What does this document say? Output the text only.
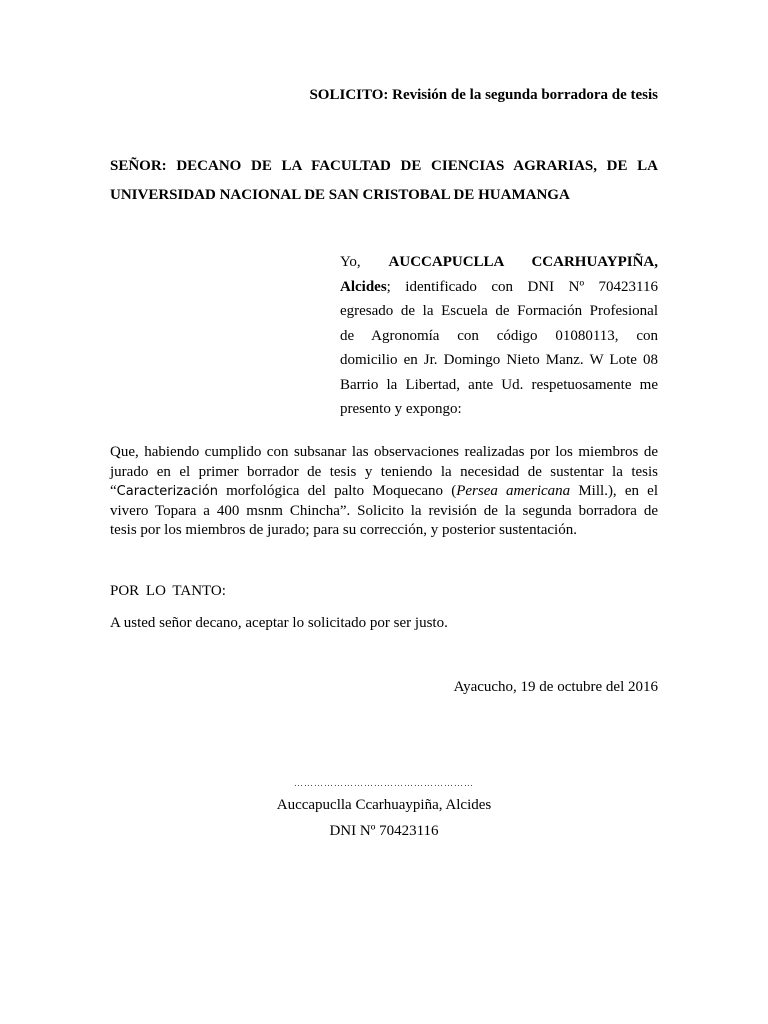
SOLICITO: Revisión de la segunda borradora de tesis
SEÑOR: DECANO DE LA FACULTAD DE CIENCIAS AGRARIAS, DE LA
UNIVERSIDAD NACIONAL DE SAN CRISTOBAL DE HUAMANGA
Yo, AUCCAPUCLLA CCARHUAYPIÑA,
Alcides; identificado con DNI Nº 70423116
egresado de la Escuela de Formación Profesional
de Agronomía con código 01080113, con
domicilio en Jr. Domingo Nieto Manz. W Lote 08
Barrio la Libertad, ante Ud. respetuosamente me
presento y expongo:
Que, habiendo cumplido con subsanar las observaciones realizadas por los miembros de
jurado en el primer borrador de tesis y teniendo la necesidad de sustentar la tesis
“Caracterización morfológica del palto Moquecano (Persea americana Mill.), en el
vivero Topara a 400 msnm Chincha”. Solicito la revisión de la segunda borradora de
tesis por los miembros de jurado; para su corrección, y posterior sustentación.
POR LO TANTO:
A usted señor decano, aceptar lo solicitado por ser justo.
Ayacucho, 19 de octubre del 2016
………………………………………………
Auccapuclla Ccarhuaypiña, Alcides
DNI Nº 70423116
